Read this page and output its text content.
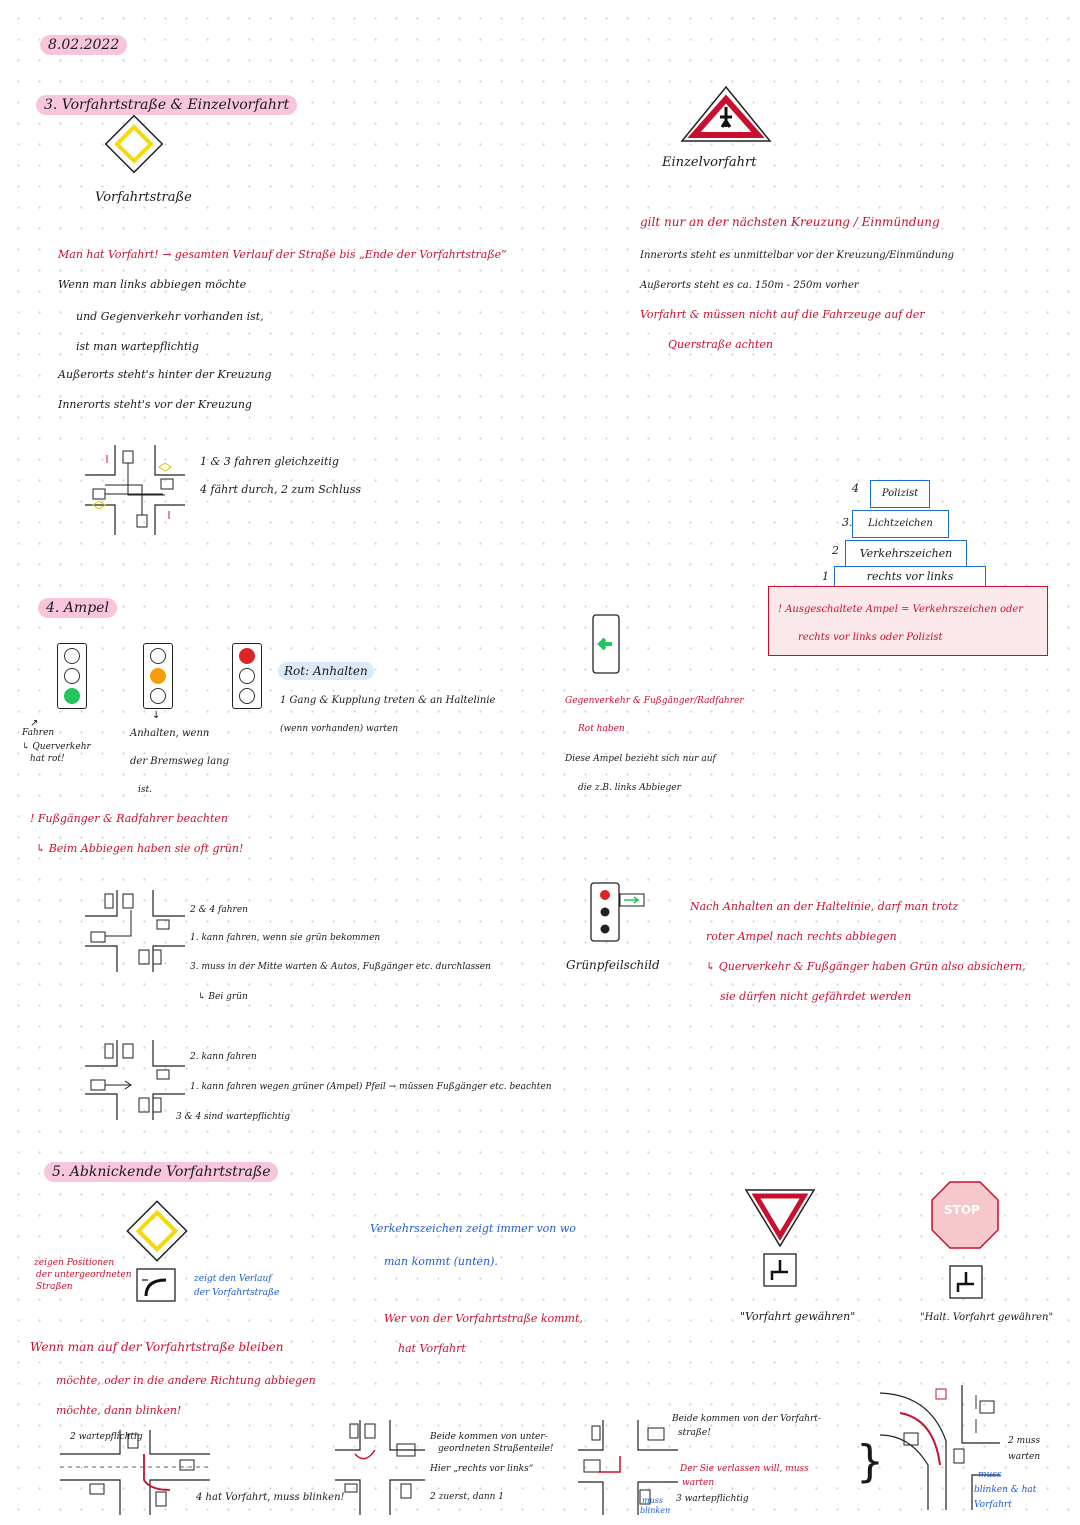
8.02.2022
3. Vorfahrtstraße & Einzelvorfahrt
Vorfahrtstraße
Man hat Vorfahrt! → gesamten Verlauf der Straße bis „Ende der Vorfahrtstraße“
Wenn man links abbiegen möchte
und Gegenverkehr vorhanden ist,
ist man wartepflichtig
Außerorts steht's hinter der Kreuzung
Innerorts steht's vor der Kreuzung
1 & 3 fahren gleichzeitig
4 fährt durch, 2 zum Schluss
Einzelvorfahrt
gilt nur an der nächsten Kreuzung / Einmündung
Innerorts steht es unmittelbar vor der Kreuzung/Einmündung
Außerorts steht es ca. 150m - 250m vorher
Vorfahrt & müssen nicht auf die Fahrzeuge auf der
Querstraße achten
4	Polizist
3.	Lichtzeichen
2	Verkehrszeichen
1	rechts vor links
! Ausgeschaltete Ampel = Verkehrszeichen oder
rechts vor links oder Polizist
4. Ampel
↗
Fahren
↳ Querverkehr
hat rot!
↓
Anhalten, wenn
der Bremsweg lang
ist.
Rot: Anhalten
1 Gang & Kupplung treten & an Haltelinie
(wenn vorhanden) warten
Gegenverkehr & Fußgänger/Radfahrer
Rot haben
Diese Ampel bezieht sich nur auf
die z.B. links Abbieger
! Fußgänger & Radfahrer beachten
↳ Beim Abbiegen haben sie oft grün!
2 & 4 fahren
1. kann fahren, wenn sie grün bekommen
3. muss in der Mitte warten & Autos, Fußgänger etc. durchlassen
↳ Bei grün
2. kann fahren
1. kann fahren wegen grüner (Ampel) Pfeil → müssen Fußgänger etc. beachten
3 & 4 sind wartepflichtig
Grünpfeilschild
Nach Anhalten an der Haltelinie, darf man trotz
roter Ampel nach rechts abbiegen
↳ Querverkehr & Fußgänger haben Grün also absichern,
sie dürfen nicht gefährdet werden
5. Abknickende Vorfahrtstraße
zeigen Positionen
der untergeordneten
Straßen
zeigt den Verlauf
der Vorfahrtstraße
Verkehrszeichen zeigt immer von wo
man kommt (unten).
Wer von der Vorfahrtstraße kommt,
hat Vorfahrt
"Vorfahrt gewähren"
STOP
"Halt. Vorfahrt gewähren"
Wenn man auf der Vorfahrtstraße bleiben
möchte, oder in die andere Richtung abbiegen
möchte, dann blinken!
2 wartepflichtig
4 hat Vorfahrt, muss blinken!
Beide kommen von unter-
geordneten Straßenteile!
Hier „rechts vor links“
2 zuerst, dann 1
Beide kommen von der Vorfahrt-
straße!
Der Sie verlassen will, muss
warten
3 wartepflichtig
muss
blinken
}	2 muss
warten
muss
blinken & hat
Vorfahrt
